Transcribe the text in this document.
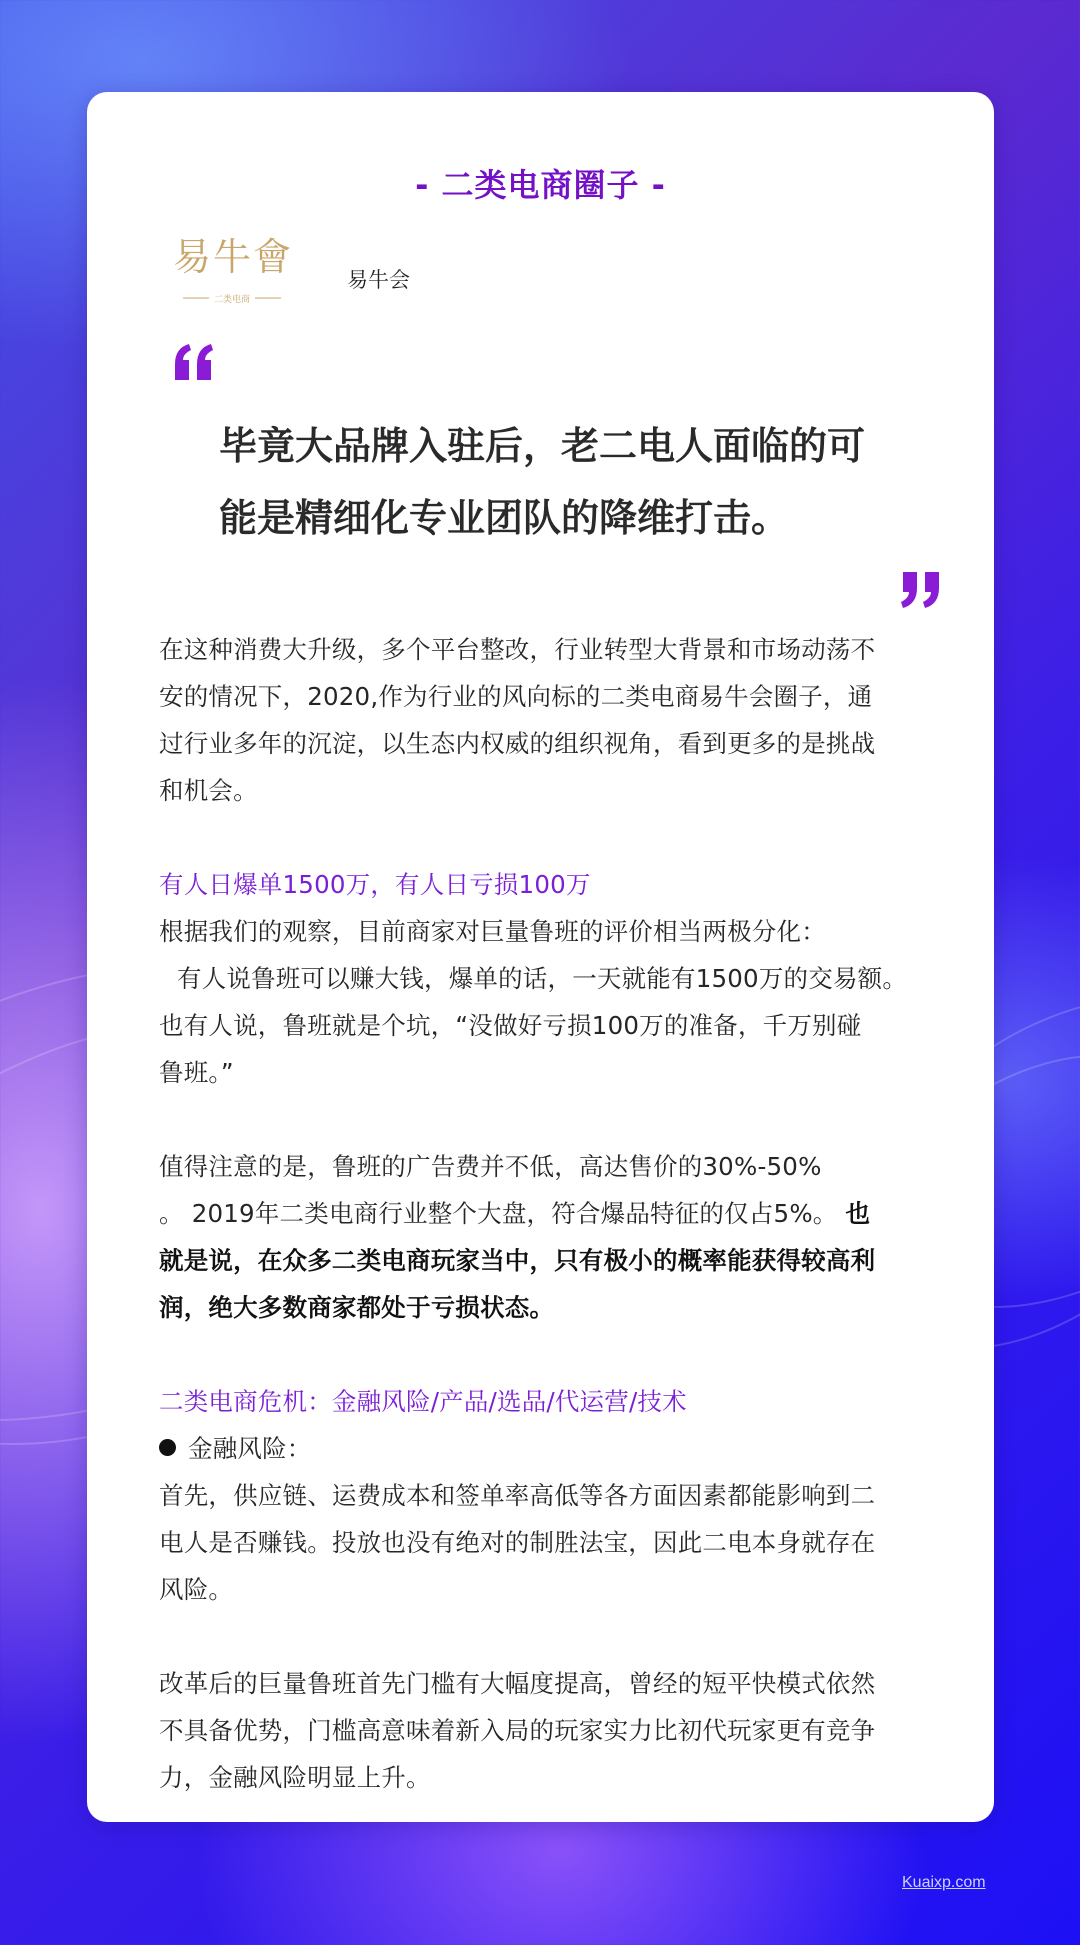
- 二类电商圈子 -
易 牛 會
二类电商
易牛会
毕竟大品牌入驻后，老二电人面临的可
能是精细化专业团队的降维打击。

在这种消费大升级，多个平台整改，行业转型大背景和市场动荡不

安的情况下，2020,作为行业的风向标的二类电商易牛会圈子，通

过行业多年的沉淀，以生态内权威的组织视角，看到更多的是挑战

和机会。

有人日爆单1500万，有人日亏损100万

根据我们的观察，目前商家对巨量鲁班的评价相当两极分化：

有人说鲁班可以赚大钱，爆单的话，一天就能有1500万的交易额。

也有人说，鲁班就是个坑，“没做好亏损100万的准备，千万别碰

鲁班。”

值得注意的是，鲁班的广告费并不低，高达售价的30%-50%

。 2019年二类电商行业整个大盘，符合爆品特征的仅占5%。 也

就是说，在众多二类电商玩家当中，只有极小的概率能获得较高利

润，绝大多数商家都处于亏损状态。

二类电商危机：金融风险/产品/选品/代运营/技术

金融风险：

首先，供应链、运费成本和签单率高低等各方面因素都能影响到二

电人是否赚钱。投放也没有绝对的制胜法宝，因此二电本身就存在

风险。

改革后的巨量鲁班首先门槛有大幅度提高，曾经的短平快模式依然

不具备优势，门槛高意味着新入局的玩家实力比初代玩家更有竞争

力，金融风险明显上升。

Kuaixp.com
